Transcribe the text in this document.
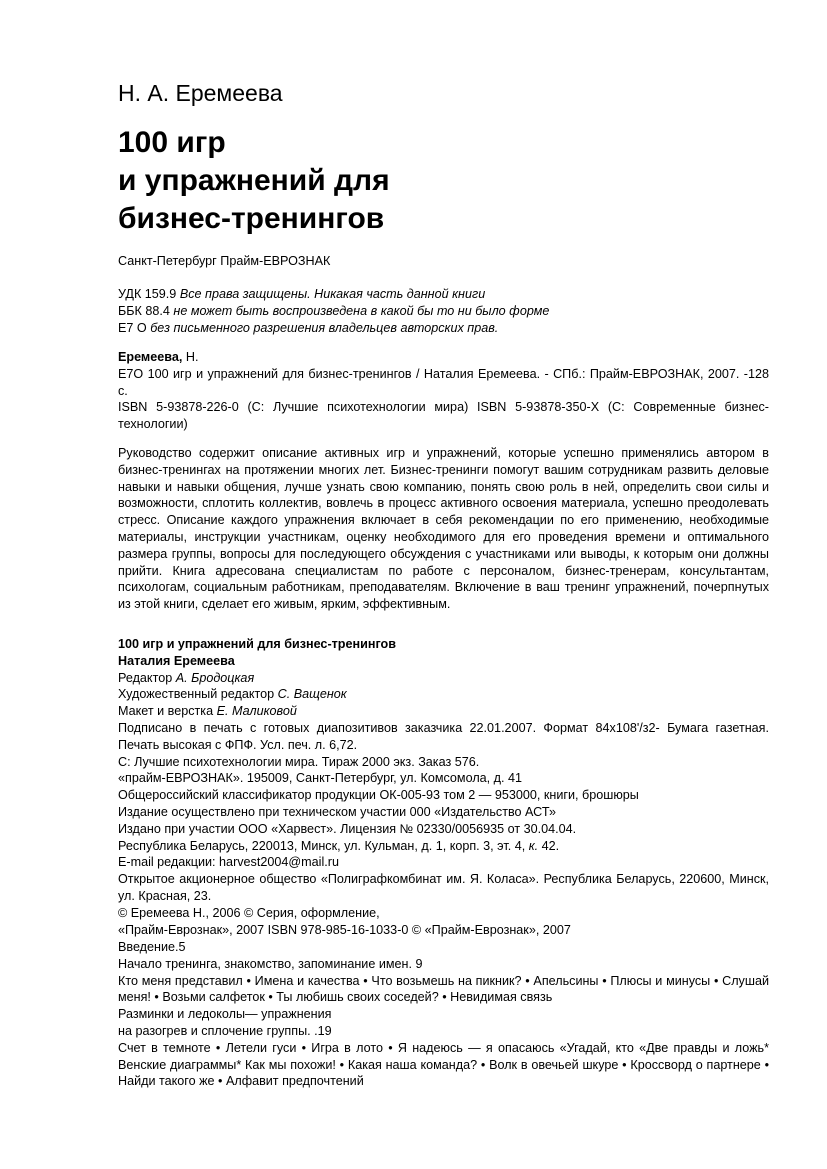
Н. А. Еремеева
100 игр
и упражнений для
бизнес-тренингов
Санкт-Петербург Прайм-ЕВРОЗНАК
УДК 159.9 Все права защищены. Никакая часть данной книги
ББК 88.4 не может быть воспроизведена в какой бы то ни было форме
Е7 О без письменного разрешения владельцев авторских прав.
Еремеева, Н.
Е7О 100 игр и упражнений для бизнес-тренингов / Наталия Еремеева. - СПб.: Прайм-ЕВРОЗНАК, 2007. -128 с.
ISBN 5-93878-226-0 (С: Лучшие психотехнологии мира) ISBN 5-93878-350-Х (С: Современные бизнес-технологии)
Руководство содержит описание активных игр и упражнений, которые успешно применялись автором в бизнес-тренингах на протяжении многих лет. Бизнес-тренинги помогут вашим сотрудникам развить деловые навыки и навыки общения, лучше узнать свою компанию, понять свою роль в ней, определить свои силы и возможности, сплотить коллектив, вовлечь в процесс активного освоения материала, успешно преодолевать стресс. Описание каждого упражнения включает в себя рекомендации по его применению, необходимые материалы, инструкции участникам, оценку необходимого для его проведения времени и оптимального размера группы, вопросы для последующего обсуждения с участниками или выводы, к которым они должны прийти. Книга адресована специалистам по работе с персоналом, бизнес-тренерам, консультантам, психологам, социальным работникам, преподавателям. Включение в ваш тренинг упражнений, почерпнутых из этой книги, сделает его живым, ярким, эффективным.
100 игр и упражнений для бизнес-тренингов
Наталия Еремеева
Редактор А. Бродоцкая
Художественный редактор С. Ващенок
Макет и верстка Е. Маликовой
Подписано в печать с готовых диапозитивов заказчика 22.01.2007. Формат 84x108'/з2- Бумага газетная. Печать высокая с ФПФ. Усл. печ. л. 6,72.
С: Лучшие психотехнологии мира. Тираж 2000 экз. Заказ 576.
«прайм-ЕВРОЗНАК». 195009, Санкт-Петербург, ул. Комсомола, д. 41
Общероссийский классификатор продукции ОК-005-93 том 2 — 953000, книги, брошюры
Издание осуществлено при техническом участии 000 «Издательство АСТ»
Издано при участии ООО «Харвест». Лицензия № 02330/0056935 от 30.04.04.
Республика Беларусь, 220013, Минск, ул. Кульман, д. 1, корп. 3, эт. 4, к. 42.
E-mail редакции: harvest2004@mail.ru
Открытое акционерное общество «Полиграфкомбинат им. Я. Коласа». Республика Беларусь, 220600, Минск, ул. Красная, 23.
© Еремеева Н., 2006 © Серия, оформление,
«Прайм-Еврознак», 2007 ISBN 978-985-16-1033-0 © «Прайм-Еврознак», 2007
Введение.5
Начало тренинга, знакомство, запоминание имен. 9
Кто меня представил • Имена и качества • Что возьмешь на пикник? • Апельсины • Плюсы и минусы • Слушай меня! • Возьми салфеток • Ты любишь своих соседей? • Невидимая связь
Разминки и ледоколы— упражнения
на разогрев и сплочение группы. .19
Счет в темноте • Летели гуси • Игра в лото • Я надеюсь — я опасаюсь «Угадай, кто «Две правды и ложь* Венские диаграммы* Как мы похожи! • Какая наша команда? • Волк в овечьей шкуре • Кроссворд о партнере • Найди такого же • Алфавит предпочтений
